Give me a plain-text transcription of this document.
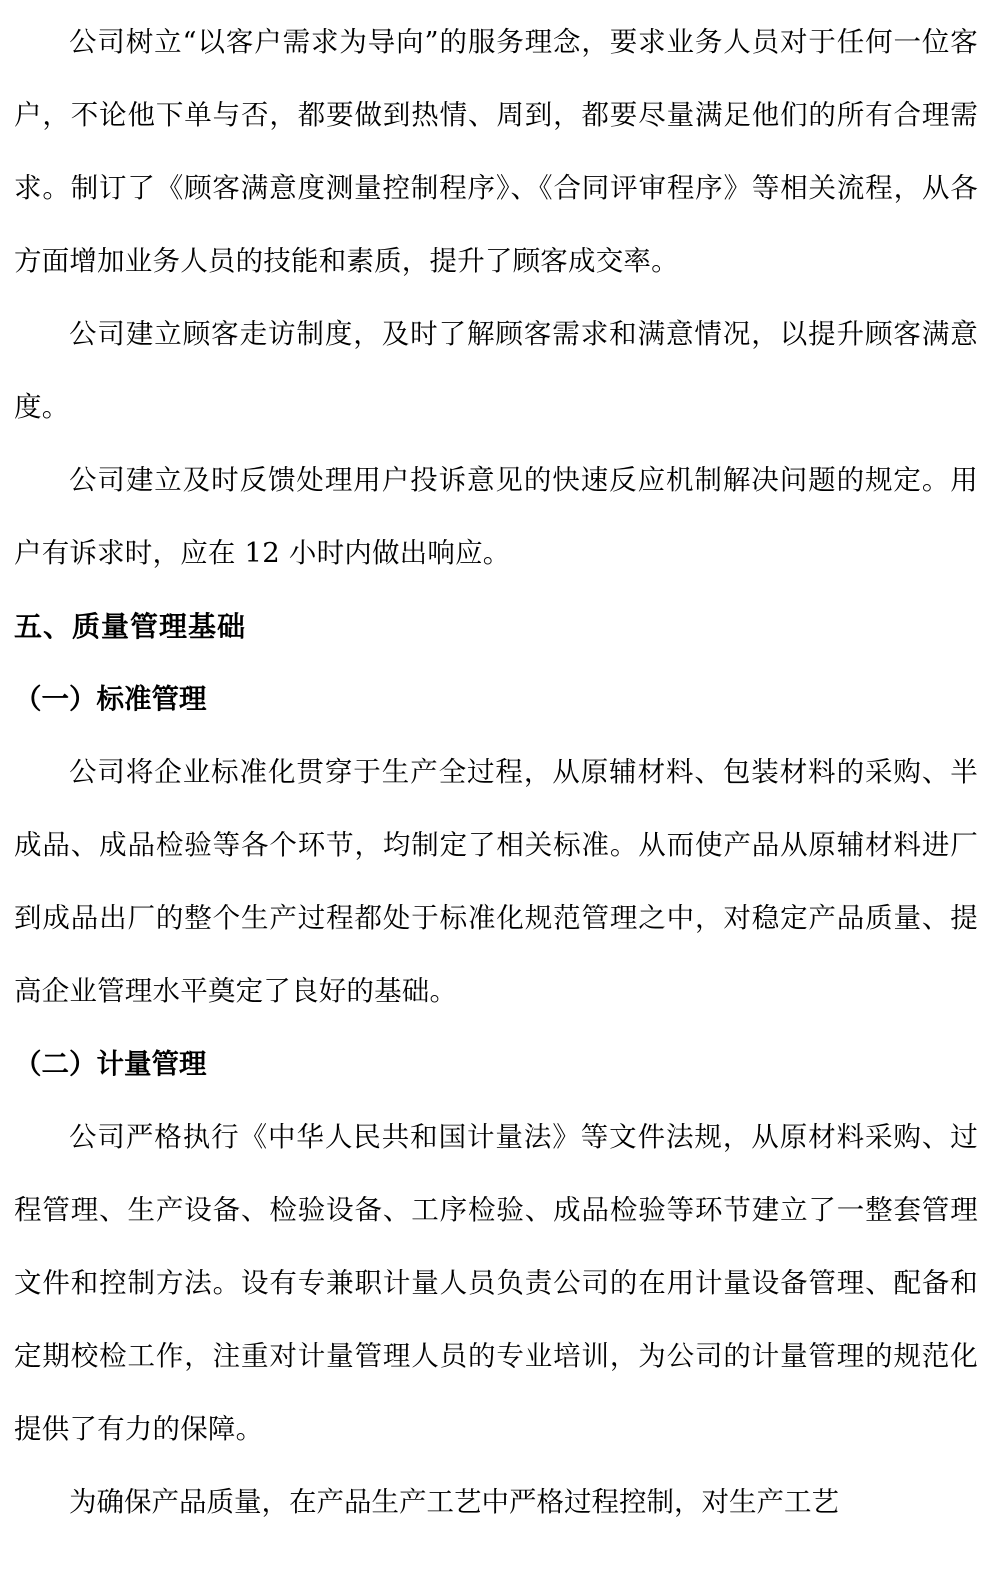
公司树立“以客户需求为导向”的服务理念，要求业务人员对于任何一位客户，不论他下单与否，都要做到热情、周到，都要尽量满足他们的所有合理需求。制订了《顾客满意度测量控制程序》、《合同评审程序》等相关流程，从各方面增加业务人员的技能和素质，提升了顾客成交率。

公司建立顾客走访制度，及时了解顾客需求和满意情况，以提升顾客满意度。

公司建立及时反馈处理用户投诉意见的快速反应机制解决问题的规定。用户有诉求时，应在 12 小时内做出响应。

五、质量管理基础
（一）标准管理

公司将企业标准化贯穿于生产全过程，从原辅材料、包装材料的采购、半成品、成品检验等各个环节，均制定了相关标准。从而使产品从原辅材料进厂到成品出厂的整个生产过程都处于标准化规范管理之中，对稳定产品质量、提高企业管理水平奠定了良好的基础。

（二）计量管理

公司严格执行《中华人民共和国计量法》等文件法规，从原材料采购、过程管理、生产设备、检验设备、工序检验、成品检验等环节建立了一整套管理文件和控制方法。设有专兼职计量人员负责公司的在用计量设备管理、配备和定期校检工作，注重对计量管理人员的专业培训，为公司的计量管理的规范化提供了有力的保障。

为确保产品质量，在产品生产工艺中严格过程控制，对生产工艺
